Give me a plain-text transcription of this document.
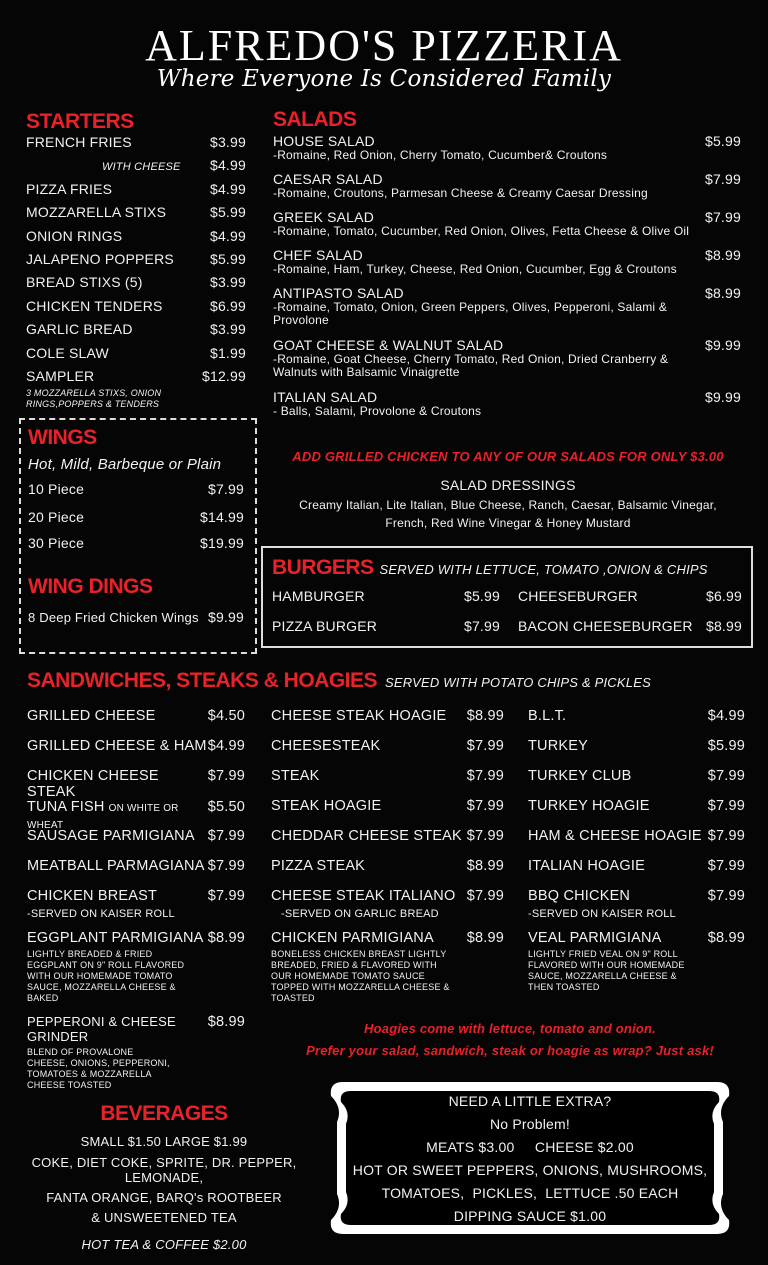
ALFREDO'S PIZZERIA
Where Everyone Is Considered Family
STARTERS
FRENCH FRIES	$3.99
WITH CHEESE $4.99
PIZZA FRIES	$4.99
MOZZARELLA STIXS	$5.99
ONION RINGS	$4.99
JALAPENO POPPERS	$5.99
BREAD STIXS (5)	$3.99
CHICKEN TENDERS	$6.99
GARLIC BREAD	$3.99
COLE SLAW	$1.99
SAMPLER	$12.99
3 MOZZARELLA STIXS, ONION RINGS,POPPERS & TENDERS
WINGS
Hot, Mild, Barbeque or Plain
10 Piece	$7.99
20 Piece	$14.99
30 Piece	$19.99
WING DINGS
8 Deep Fried Chicken Wings $9.99
SALADS
HOUSE SALAD	$5.99
-Romaine, Red Onion, Cherry Tomato, Cucumber& Croutons
CAESAR SALAD	$7.99
-Romaine, Croutons, Parmesan Cheese & Creamy Caesar Dressing
GREEK SALAD	$7.99
-Romaine, Tomato, Cucumber, Red Onion, Olives, Fetta Cheese & Olive Oil
CHEF SALAD	$8.99
-Romaine, Ham, Turkey, Cheese, Red Onion, Cucumber, Egg & Croutons
ANTIPASTO SALAD	$8.99
-Romaine, Tomato, Onion, Green Peppers, Olives, Pepperoni, Salami & Provolone
GOAT CHEESE & WALNUT SALAD	$9.99
-Romaine, Goat Cheese, Cherry Tomato, Red Onion, Dried Cranberry & Walnuts with Balsamic Vinaigrette
ITALIAN SALAD	$9.99
- Balls, Salami, Provolone & Croutons
ADD GRILLED CHICKEN TO ANY OF OUR SALADS FOR ONLY $3.00
SALAD DRESSINGS
Creamy Italian, Lite Italian, Blue Cheese, Ranch, Caesar, Balsamic Vinegar,
French, Red Wine Vinegar & Honey Mustard
BURGERS SERVED WITH LETTUCE, TOMATO ,ONION & CHIPS
HAMBURGER	$5.99 CHEESEBURGER	$6.99
PIZZA BURGER	$7.99 BACON CHEESEBURGER $8.99
SANDWICHES, STEAKS & HOAGIES SERVED WITH POTATO CHIPS & PICKLES
GRILLED CHEESE	$4.50
GRILLED CHEESE & HAM $4.99
CHICKEN CHEESE STEAK
$7.99
TUNA FISH ON WHITE OR WHEAT
$5.50
SAUSAGE PARMIGIANA $7.99
MEATBALL PARMAGIANA $7.99
CHICKEN BREAST	$7.99
-SERVED ON KAISER ROLL
EGGPLANT PARMIGIANA $8.99
LIGHTLY BREADED & FRIED EGGPLANT ON 9" ROLL FLAVORED WITH OUR HOMEMADE TOMATO SAUCE, MOZZARELLA CHEESE & BAKED
PEPPERONI & CHEESE GRINDER
$8.99
BLEND OF PROVALONE CHEESE, ONIONS, PEPPERONI, TOMATOES & MOZZARELLA CHEESE TOASTED
CHEESE STEAK HOAGIE $8.99
CHEESESTEAK	$7.99
STEAK	$7.99
STEAK HOAGIE	$7.99
CHEDDAR CHEESE STEAK $7.99
PIZZA STEAK	$8.99
CHEESE STEAK ITALIANO $7.99
-SERVED ON GARLIC BREAD
CHICKEN PARMIGIANA $8.99
BONELESS CHICKEN BREAST LIGHTLY BREADED, FRIED & FLAVORED WITH OUR HOMEMADE TOMATO SAUCE TOPPED WITH MOZZARELLA CHEESE & TOASTED
B.L.T.	$4.99
TURKEY	$5.99
TURKEY CLUB	$7.99
TURKEY HOAGIE	$7.99
HAM & CHEESE HOAGIE $7.99
ITALIAN HOAGIE	$7.99
BBQ CHICKEN	$7.99
-SERVED ON KAISER ROLL
VEAL PARMIGIANA	$8.99
LIGHTLY FRIED VEAL ON 9" ROLL FLAVORED WITH OUR HOMEMADE SAUCE, MOZZARELLA CHEESE & THEN TOASTED
Hoagies come with lettuce, tomato and onion.
Prefer your salad, sandwich, steak or hoagie as wrap? Just ask!
BEVERAGES
SMALL $1.50 LARGE $1.99
COKE, DIET COKE, SPRITE, DR. PEPPER, LEMONADE,
FANTA ORANGE, BARQ's ROOTBEER
& UNSWEETENED TEA
HOT TEA & COFFEE $2.00
NEED A LITTLE EXTRA?
No Problem!
MEATS $3.00     CHEESE $2.00
HOT OR SWEET PEPPERS, ONIONS, MUSHROOMS,
TOMATOES,  PICKLES,  LETTUCE .50 EACH
DIPPING SAUCE $1.00
